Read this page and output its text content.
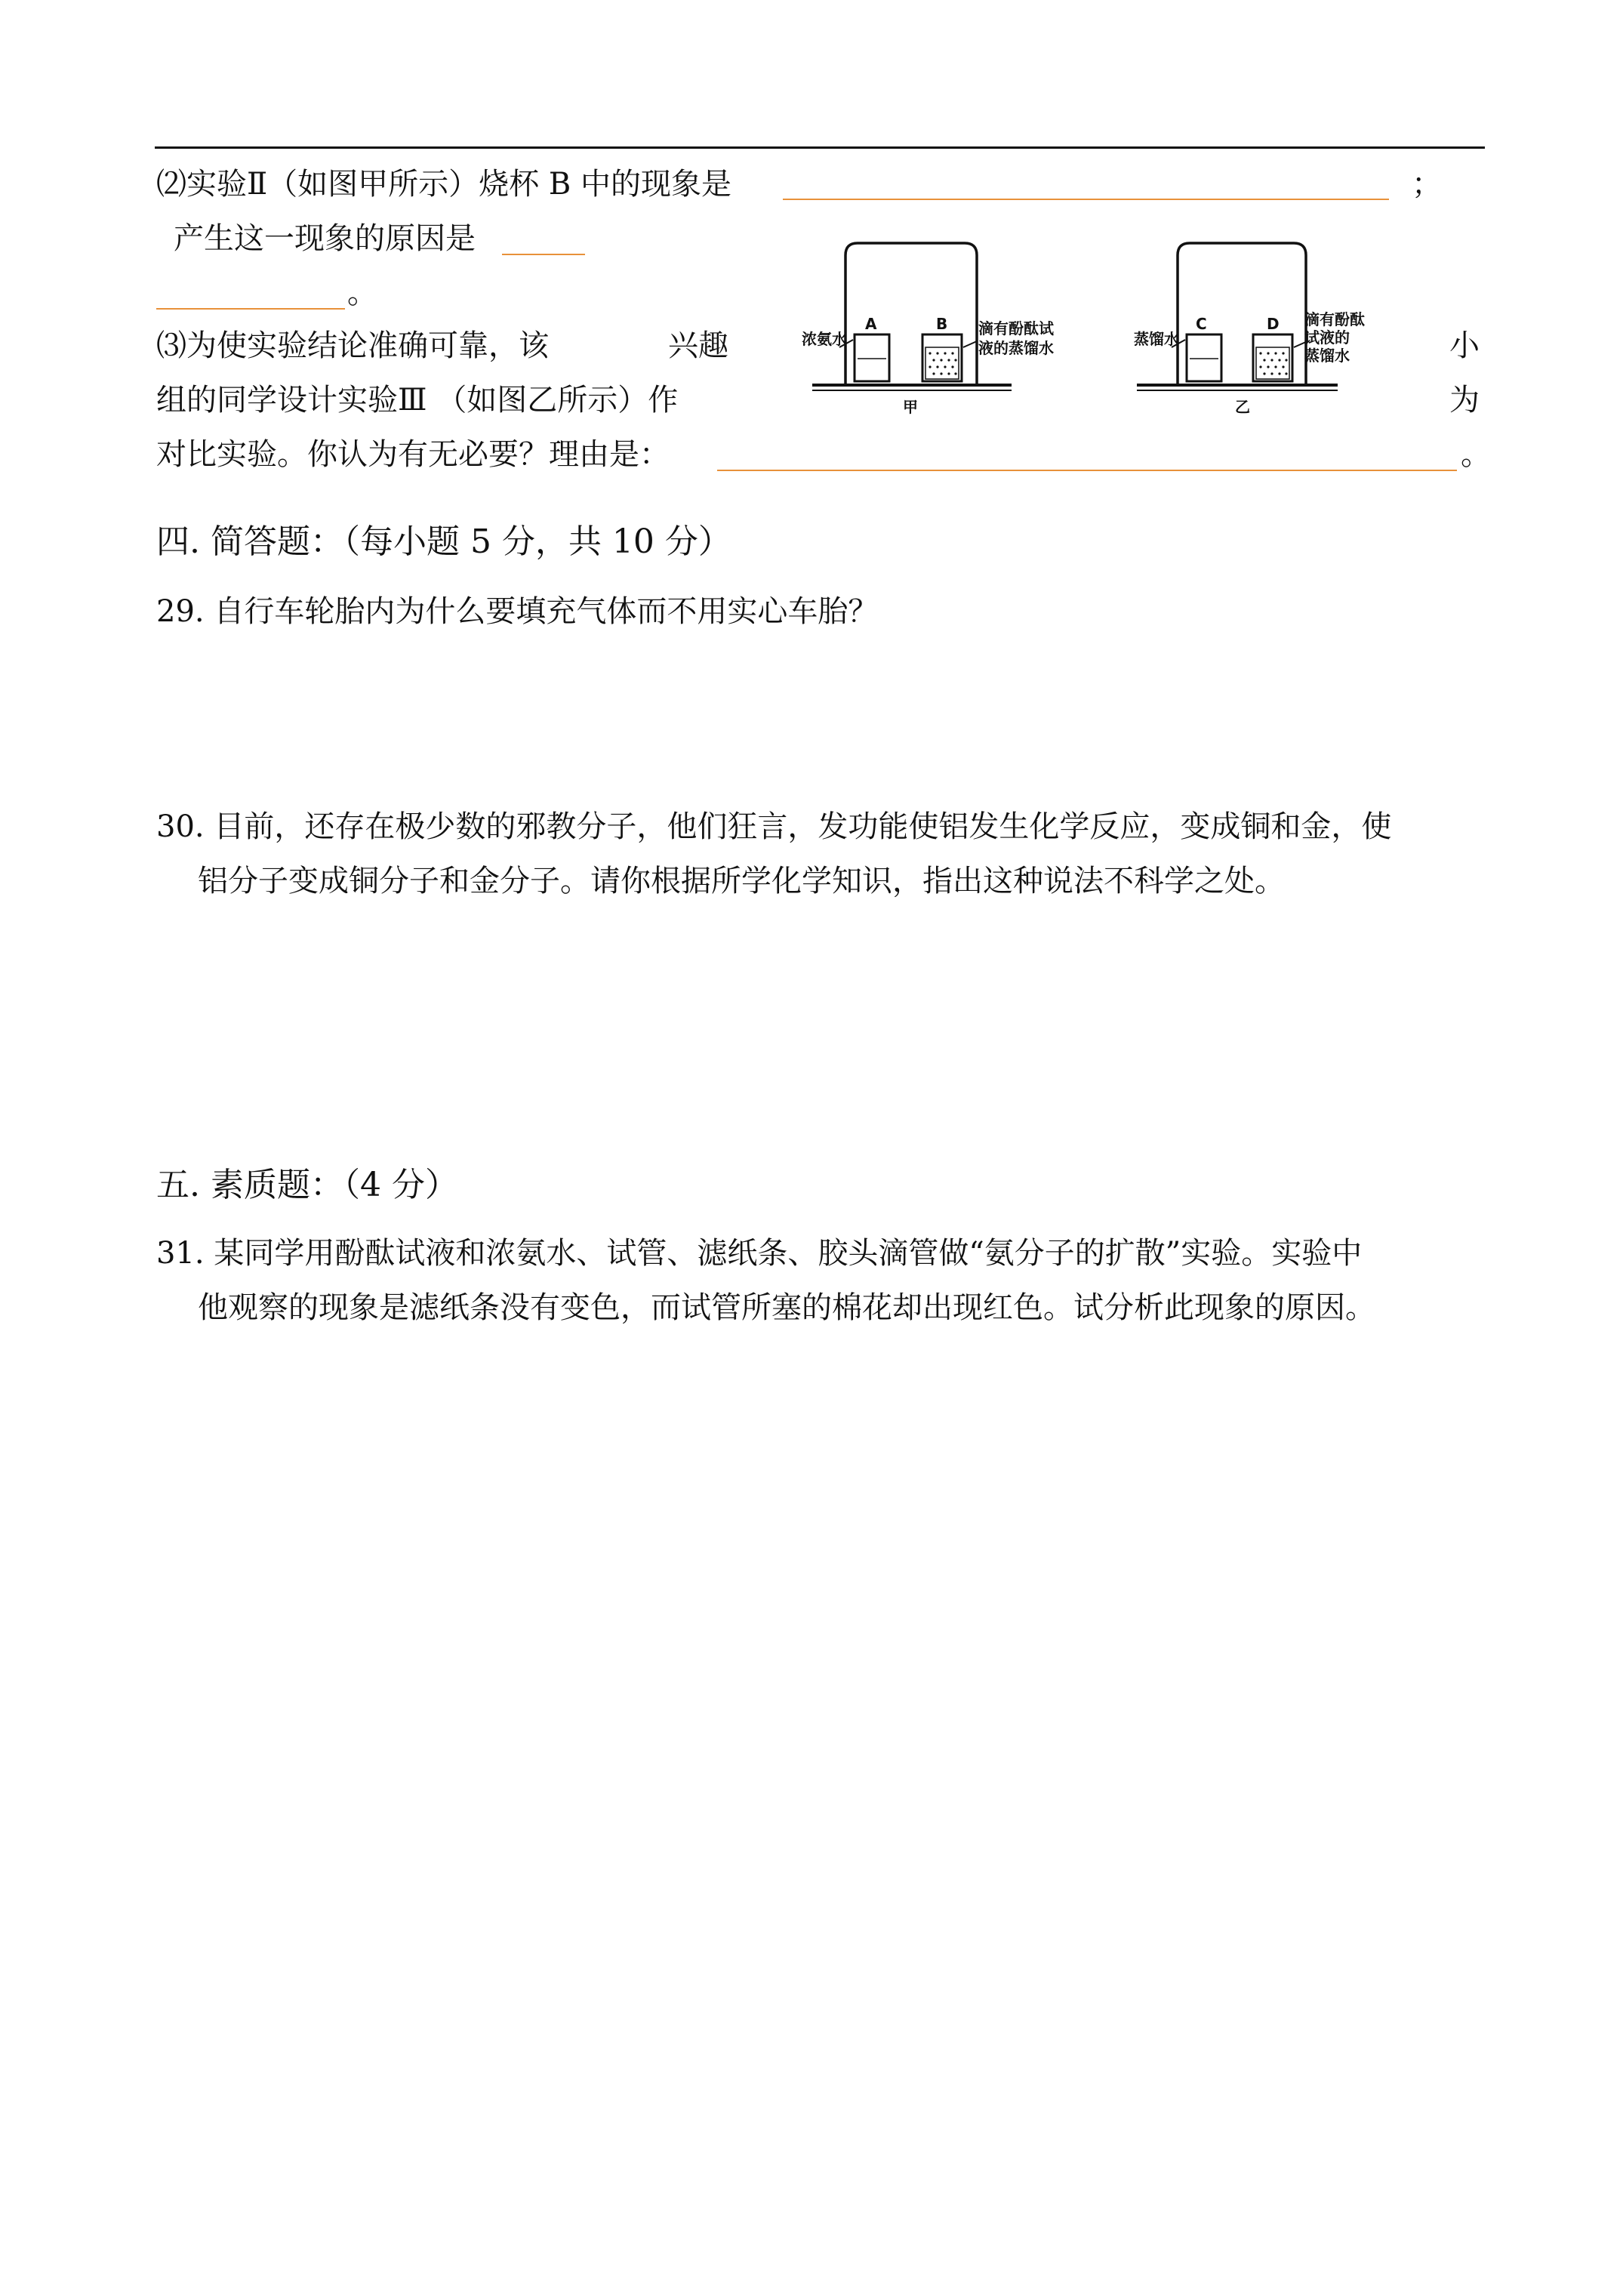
⑵实验Ⅱ（如图甲所示）烧杯 B 中的现象是	；
产生这一现象的原因是
。
⑶为使实验结论准确可靠，该	兴趣	小
组的同学设计实验Ⅲ （如图乙所示）作	为
对比实验。你认为有无必要？理由是：	。
浓氨水
A	B 滴有酚酞试
液的蒸馏水
甲
蒸馏水
C	D 滴有酚酞
试液的
蒸馏水
乙
四. 简答题：（每小题 5 分，共 10 分）
29. 自行车轮胎内为什么要填充气体而不用实心车胎？
30. 目前，还存在极少数的邪教分子，他们狂言，发功能使铝发生化学反应，变成铜和金，使
铝分子变成铜分子和金分子。请你根据所学化学知识，指出这种说法不科学之处。
五. 素质题：（4 分）
31. 某同学用酚酞试液和浓氨水、试管、滤纸条、胶头滴管做“氨分子的扩散”实验。实验中
他观察的现象是滤纸条没有变色，而试管所塞的棉花却出现红色。试分析此现象的原因。
